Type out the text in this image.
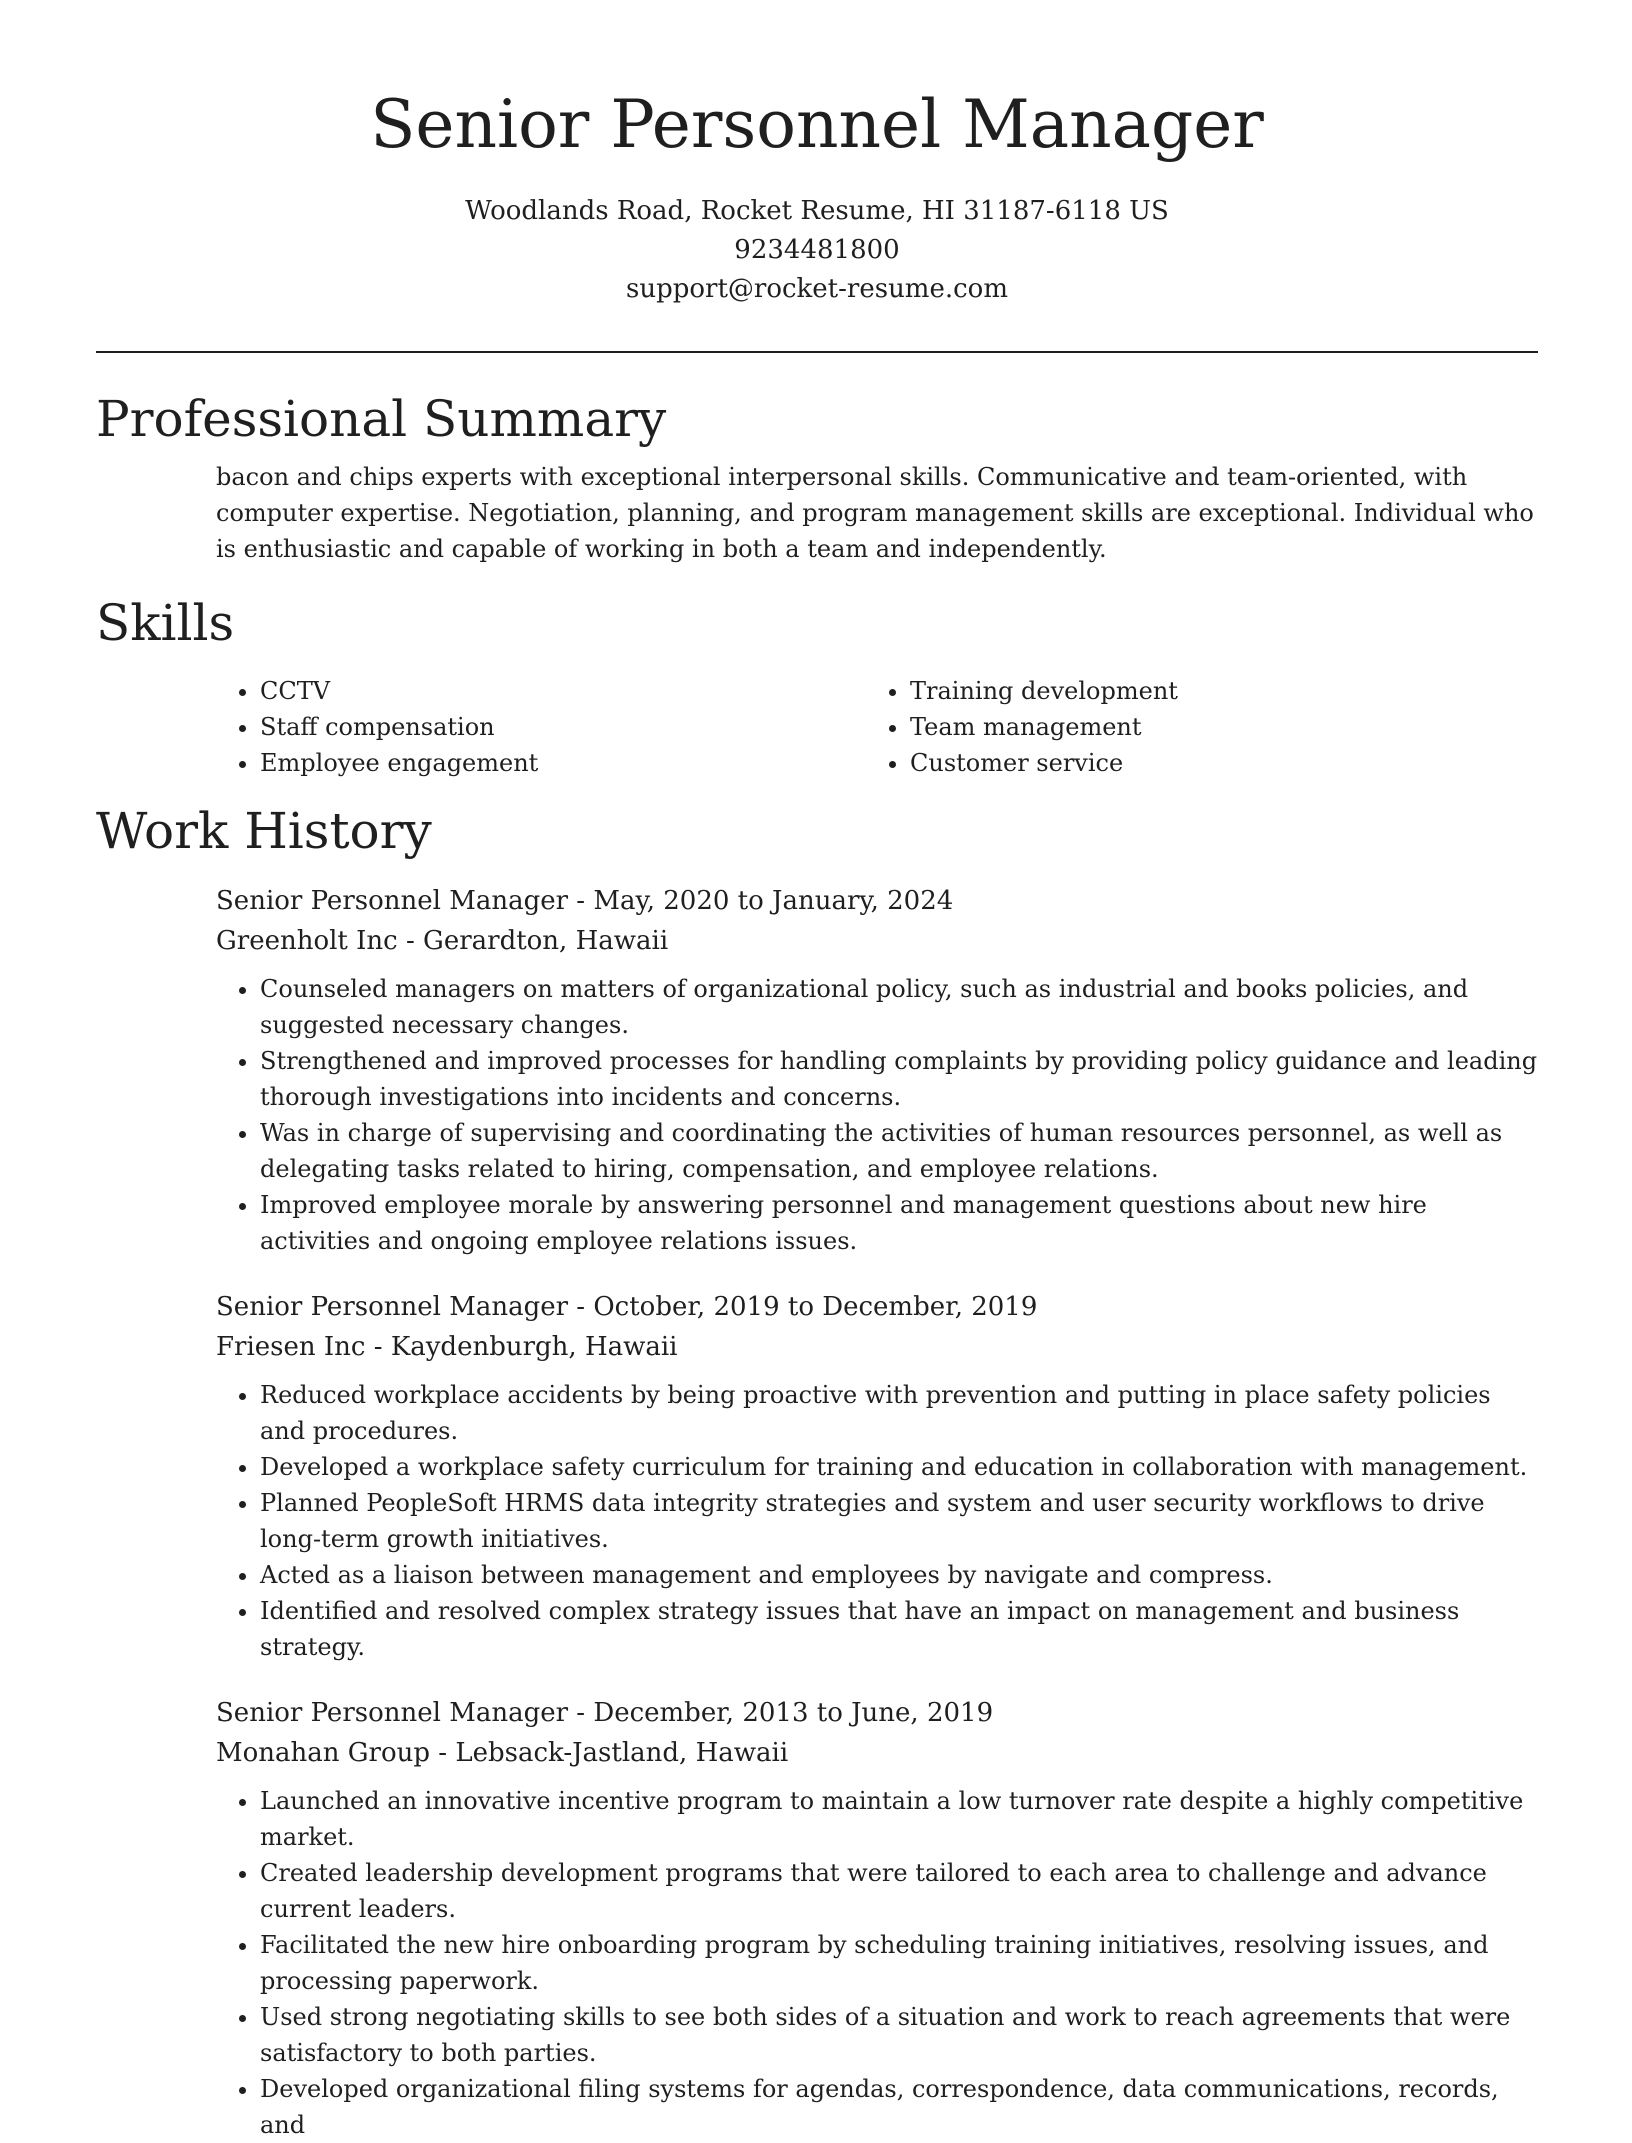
Senior Personnel Manager
Woodlands Road, Rocket Resume, HI 31187-6118 US
9234481800
support@rocket-resume.com
Professional Summary
bacon and chips experts with exceptional interpersonal skills. Communicative and team-oriented, with computer expertise. Negotiation, planning, and program management skills are exceptional. Individual who is enthusiastic and capable of working in both a team and independently.
Skills
• CCTV
• Staff compensation
• Employee engagement
• Training development
• Team management
• Customer service
Work History
Senior Personnel Manager - May, 2020 to January, 2024
Greenholt Inc - Gerardton, Hawaii
• Counseled managers on matters of organizational policy, such as industrial and books policies, and suggested necessary changes.
• Strengthened and improved processes for handling complaints by providing policy guidance and leading thorough investigations into incidents and concerns.
• Was in charge of supervising and coordinating the activities of human resources personnel, as well as delegating tasks related to hiring, compensation, and employee relations.
• Improved employee morale by answering personnel and management questions about new hire activities and ongoing employee relations issues.
Senior Personnel Manager - October, 2019 to December, 2019
Friesen Inc - Kaydenburgh, Hawaii
• Reduced workplace accidents by being proactive with prevention and putting in place safety policies and procedures.
• Developed a workplace safety curriculum for training and education in collaboration with management.
• Planned PeopleSoft HRMS data integrity strategies and system and user security workflows to drive long-term growth initiatives.
• Acted as a liaison between management and employees by navigate and compress.
• Identified and resolved complex strategy issues that have an impact on management and business strategy.
Senior Personnel Manager - December, 2013 to June, 2019
Monahan Group - Lebsack-Jastland, Hawaii
• Launched an innovative incentive program to maintain a low turnover rate despite a highly competitive market.
• Created leadership development programs that were tailored to each area to challenge and advance current leaders.
• Facilitated the new hire onboarding program by scheduling training initiatives, resolving issues, and processing paperwork.
• Used strong negotiating skills to see both sides of a situation and work to reach agreements that were satisfactory to both parties.
• Developed organizational filing systems for agendas, correspondence, data communications, records, and
